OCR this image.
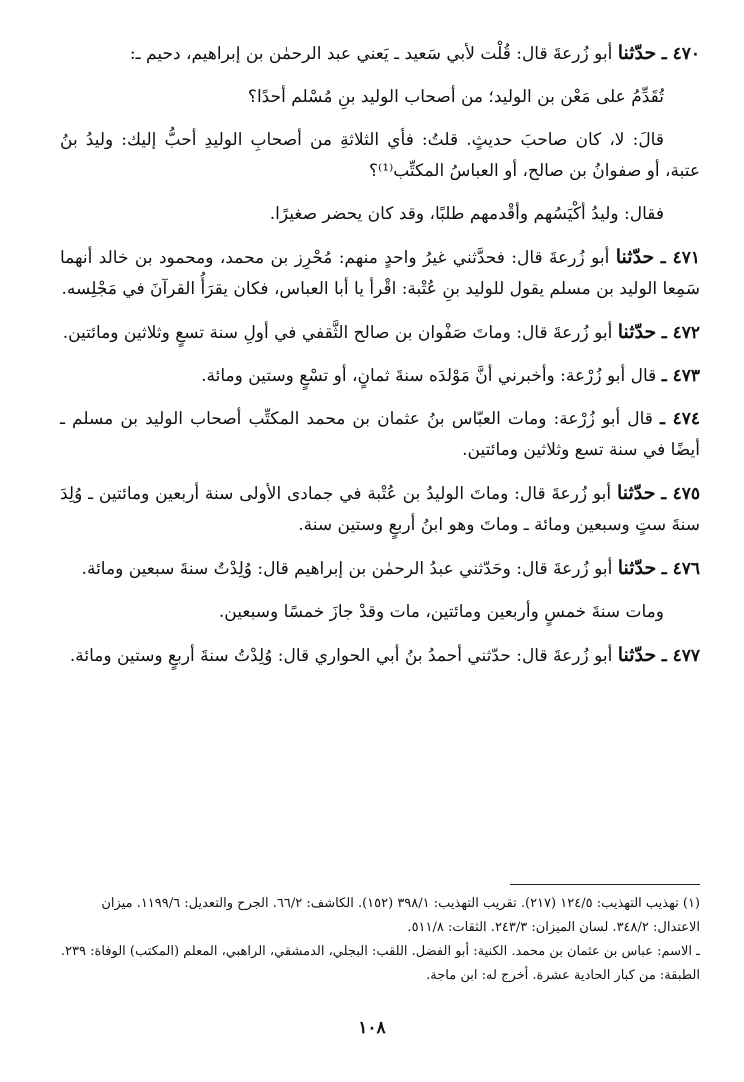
٤٧٠ ـ حدّثنا أبو زُرعةَ قال: قُلْت لأبي سَعيد ـ يَعني عبد الرحمٰن بن إبراهيم، دحيم ـ:

تُقَدِّمُ على مَعْن بن الوليد؛ من أصحاب الوليد بنِ مُسْلم أحدًا؟

قالَ: لا، كان صاحبَ حديثٍ. قلتُ: فأي الثلاثةِ من أصحابِ الوليدِ أحبُّ إليك: وليدُ بنُ عتبة، أو صفوانُ بن صالح، أو العباسُ المكتِّب⁽¹⁾؟

فقال: وليدُ أكْيَسُهم وأقْدمهم طلبًا، وقد كان يحضر صغيرًا.

٤٧١ ـ حدّثنا أبو زُرعةَ قال: فحدَّثني غيرُ واحدٍ منهم: مُحْرِز بن محمد، ومحمود بن خالد أنهما سَمِعا الوليد بن مسلم يقول للوليد بنِ عُتْبة: اقْرأ يا أبا العباس، فكان يقرَأُ القرآنَ في مَجْلِسه.

٤٧٢ ـ حدّثنا أبو زُرعةَ قال: وماتَ صَفْوان بن صالح الثَّقفي في أولِ سنة تسعٍ وثلاثين ومائتين.

٤٧٣ ـ قال أبو زُرْعة: وأخبرني أنَّ مَوْلدَه سنةَ ثمانٍ، أو تسْعٍ وستين ومائة.

٤٧٤ ـ قال أبو زُرْعة: ومات العبّاس بنُ عثمان بن محمد المكتِّب أصحاب الوليد بن مسلم ـ أيضًا في سنة تسع وثلاثين ومائتين.

٤٧٥ ـ حدّثنا أبو زُرعةَ قال: وماتَ الوليدُ بن عُتْبة في جمادى الأولى سنة أربعين ومائتين ـ وُلِدَ سنةَ ستٍ وسبعين ومائة ـ وماتَ وهو ابنُ أربعٍ وستين سنة.

٤٧٦ ـ حدّثنا أبو زُرعةَ قال: وحَدّثني عبدُ الرحمٰن بن إبراهيم قال: وُلِدْتُ سنةَ سبعين ومائة.

ومات سنةَ خمسٍ وأربعين ومائتين، مات وقدْ جازَ خمسًا وسبعين.

٤٧٧ ـ حدّثنا أبو زُرعةَ قال: حدّثني أحمدُ بنُ أبي الحواري قال: وُلِدْتُ سنةَ أربعٍ وستين ومائة.

(١) تهذيب التهذيب: ١٢٤/٥ (٢١٧). تقريب التهذيب: ٣٩٨/١ (١٥٢). الكاشف: ٦٦/٢. الجرح والتعديل: ١١٩٩/٦. ميزان الاعتدال: ٣٤٨/٢. لسان الميزان: ٢٤٣/٣. الثقات: ٥١١/٨.

ـ الاسم: عباس بن عثمان بن محمد. الكنية: أبو الفضل. اللقب: البجلي، الدمشقي، الراهبي، المعلم (المكتب) الوفاة: ٢٣٩. الطبقة: من كبار الحادية عشرة. أخرج له: ابن ماجة.

١٠٨
